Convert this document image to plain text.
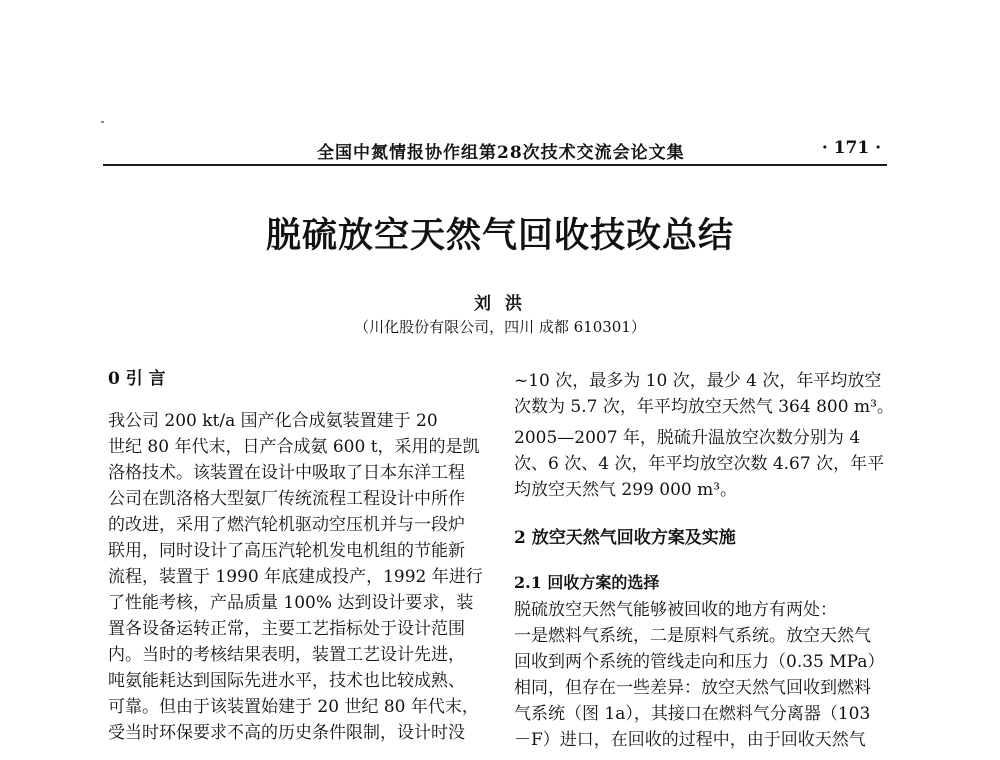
全国中氮情报协作组第28次技术交流会论文集	· 171 ·
脱硫放空天然气回收技改总结
刘 洪
（川化股份有限公司，四川 成都 610301）
0 引 言
我公司 200 kt/a 国产化合成氨装置建于 20
世纪 80 年代末，日产合成氨 600 t，采用的是凯
洛格技术。该装置在设计中吸取了日本东洋工程
公司在凯洛格大型氨厂传统流程工程设计中所作
的改进，采用了燃汽轮机驱动空压机并与一段炉
联用，同时设计了高压汽轮机发电机组的节能新
流程，装置于 1990 年底建成投产，1992 年进行
了性能考核，产品质量 100% 达到设计要求，装
置各设备运转正常，主要工艺指标处于设计范围
内。当时的考核结果表明，装置工艺设计先进，
吨氨能耗达到国际先进水平，技术也比较成熟、
可靠。但由于该装置始建于 20 世纪 80 年代末，
受当时环保要求不高的历史条件限制，设计时没
~10 次，最多为 10 次，最少 4 次，年平均放空
次数为 5.7 次，年平均放空天然气 364 800 m³。
2005—2007 年，脱硫升温放空次数分别为 4
次、6 次、4 次，年平均放空次数 4.67 次，年平
均放空天然气 299 000 m³。
2 放空天然气回收方案及实施
2.1 回收方案的选择
脱硫放空天然气能够被回收的地方有两处：
一是燃料气系统，二是原料气系统。放空天然气
回收到两个系统的管线走向和压力（0.35 MPa）
相同，但存在一些差异：放空天然气回收到燃料
气系统（图 1a），其接口在燃料气分离器（103
－F）进口，在回收的过程中，由于回收天然气
